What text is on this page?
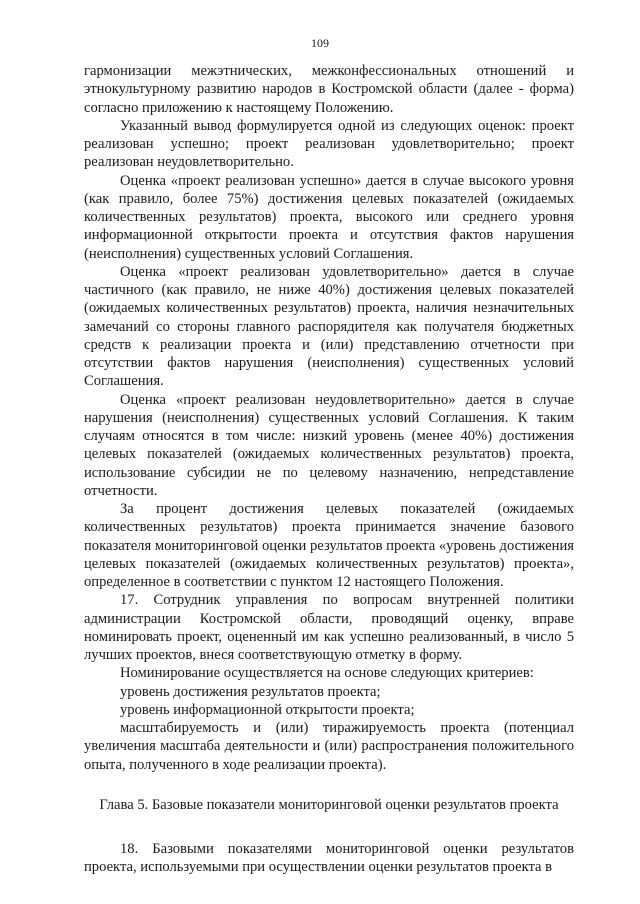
109

гармонизации межэтнических, межконфессиональных отношений и этнокультурному развитию народов в Костромской области (далее - форма) согласно приложению к настоящему Положению.

Указанный вывод формулируется одной из следующих оценок: проект реализован успешно; проект реализован удовлетворительно; проект реализован неудовлетворительно.

Оценка «проект реализован успешно» дается в случае высокого уровня (как правило, более 75%) достижения целевых показателей (ожидаемых количественных результатов) проекта, высокого или среднего уровня информационной открытости проекта и отсутствия фактов нарушения (неисполнения) существенных условий Соглашения.

Оценка «проект реализован удовлетворительно» дается в случае частичного (как правило, не ниже 40%) достижения целевых показателей (ожидаемых количественных результатов) проекта, наличия незначительных замечаний со стороны главного распорядителя как получателя бюджетных средств к реализации проекта и (или) представлению отчетности при отсутствии фактов нарушения (неисполнения) существенных условий Соглашения.

Оценка «проект реализован неудовлетворительно» дается в случае нарушения (неисполнения) существенных условий Соглашения. К таким случаям относятся в том числе: низкий уровень (менее 40%) достижения целевых показателей (ожидаемых количественных результатов) проекта, использование субсидии не по целевому назначению, непредставление отчетности.

За процент достижения целевых показателей (ожидаемых количественных результатов) проекта принимается значение базового показателя мониторинговой оценки результатов проекта «уровень достижения целевых показателей (ожидаемых количественных результатов) проекта», определенное в соответствии с пунктом 12 настоящего Положения.

17. Сотрудник управления по вопросам внутренней политики администрации Костромской области, проводящий оценку, вправе номинировать проект, оцененный им как успешно реализованный, в число 5 лучших проектов, внеся соответствующую отметку в форму.

Номинирование осуществляется на основе следующих критериев:

уровень достижения результатов проекта;

уровень информационной открытости проекта;

масштабируемость и (или) тиражируемость проекта (потенциал увеличения масштаба деятельности и (или) распространения положительного опыта, полученного в ходе реализации проекта).

Глава 5. Базовые показатели мониторинговой оценки результатов проекта

18. Базовыми показателями мониторинговой оценки результатов проекта, используемыми при осуществлении оценки результатов проекта в
